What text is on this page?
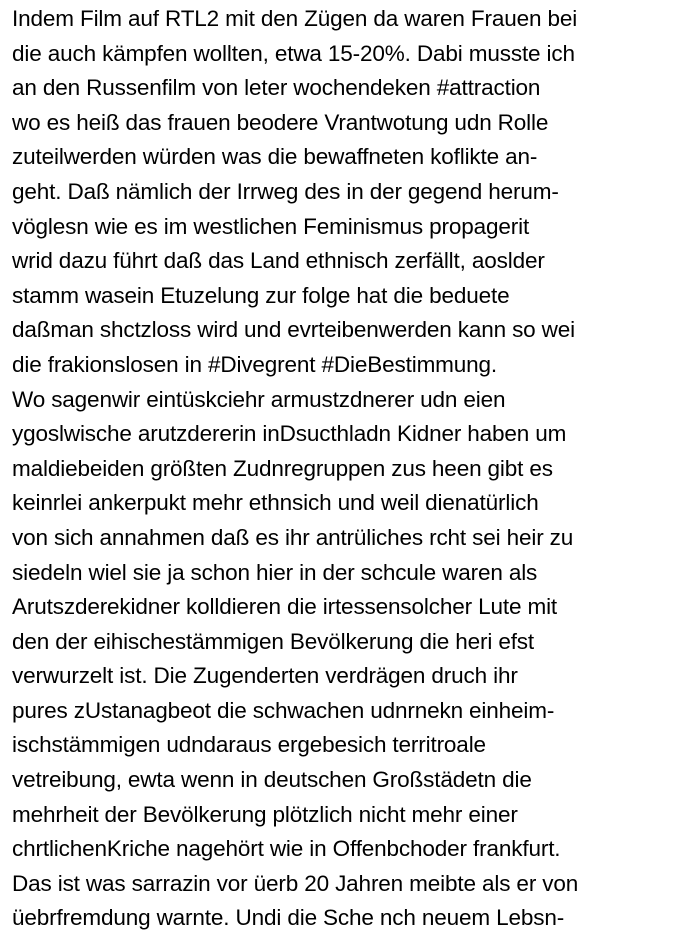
Indem Film auf RTL2 mit den Zügen da waren Frauen bei
die auch kämpfen wollten, etwa 15-20%. Dabi musste ich
an den Russenfilm von leter wochendeken #attraction
wo es heiß das frauen beodere Vrantwotung udn Rolle
zuteilwerden würden was die bewaffneten koflikte an-
geht. Daß nämlich der Irrweg des in der gegend herum-
vöglesn wie es im westlichen Feminismus propagerit
wrid dazu führt daß das Land ethnisch zerfällt, aoslder
stamm wasein Etuzelung zur folge hat die beduete
daßman shctzloss wird und evrteibenwerden kann so wei
die frakionslosen in #Divegrent #DieBestimmung.
Wo sagenwir eintüskciehr armustzdnerer udn eien
ygoslwische arutzdererin inDsucthladn Kidner haben um
maldiebeiden größten Zudnregruppen zus heen gibt es
keinrlei ankerpukt mehr ethnsich und weil dienatürlich
von sich annahmen daß es ihr antrüliches rcht sei heir zu
siedeln wiel sie ja schon hier in der schcule waren als
Arutszderekidner kolldieren die irtessensolcher Lute mit
den der eihischestämmigen Bevölkerung die heri efst
verwurzelt ist. Die Zugenderten verdrägen druch ihr
pures zUstanagbeot die schwachen udnrnekn einheim-
ischstämmigen udndaraus ergebesich territroale
vetreibung, ewta wenn in deutschen Großstädetn die
mehrheit der Bevölkerung plötzlich nicht mehr einer
chrtlichenKriche nagehört wie in Offenbchoder frankfurt.
Das ist was sarrazin vor üerb 20 Jahren meibte als er von
üebrfremdung warnte. Undi die Sche nch neuem Lebsn-
